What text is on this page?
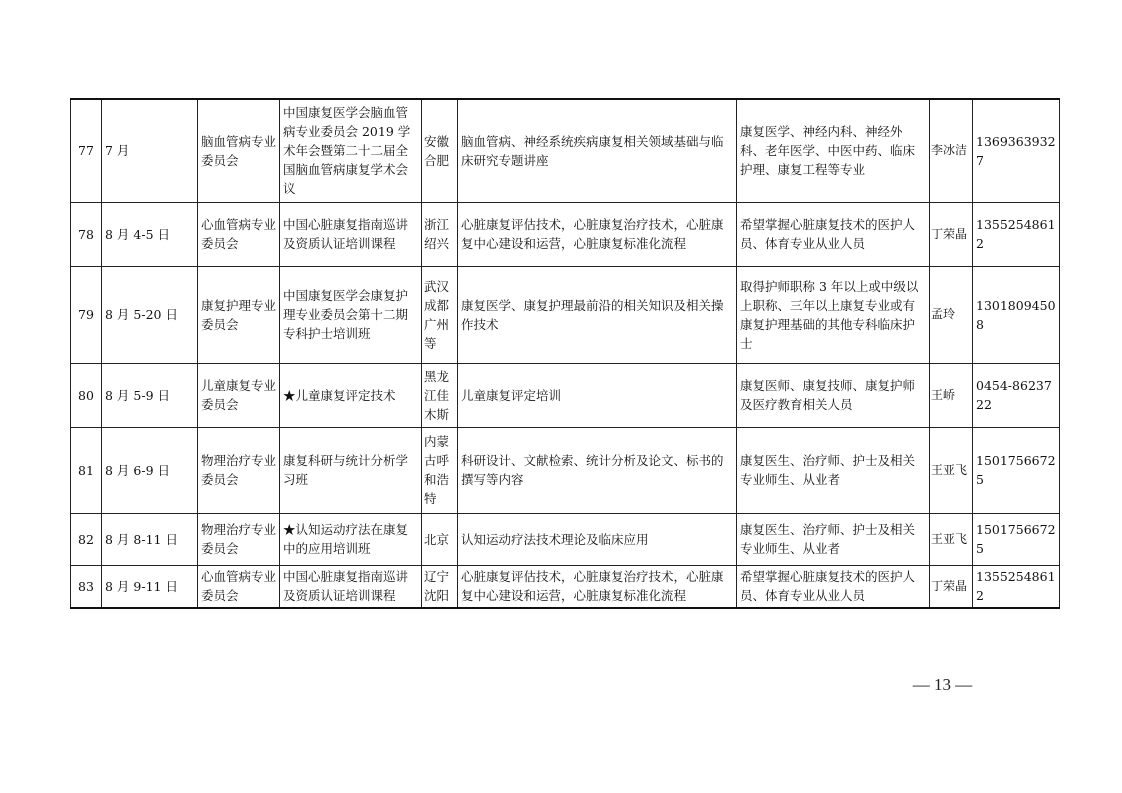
77	7 月	脑血管病专业委员会	中国康复医学会脑血管病专业委员会 2019 学术年会暨第二十二届全国脑血管病康复学术会议	安徽合肥	脑血管病、神经系统疾病康复相关领域基础与临床研究专题讲座	康复医学、神经内科、神经外科、老年医学、中医中药、临床护理、康复工程等专业	李冰洁	13693639327
78	8 月 4-5 日	心血管病专业委员会	中国心脏康复指南巡讲及资质认证培训课程	浙江绍兴	心脏康复评估技术，心脏康复治疗技术，心脏康复中心建设和运营，心脏康复标准化流程	希望掌握心脏康复技术的医护人员、体育专业从业人员	丁荣晶	13552548612
79	8 月 5-20 日	康复护理专业委员会	中国康复医学会康复护理专业委员会第十二期专科护士培训班	武汉成都广州等	康复医学、康复护理最前沿的相关知识及相关操作技术	取得护师职称 3 年以上或中级以上职称、三年以上康复专业或有康复护理基础的其他专科临床护士	孟玲	13018094508
80	8 月 5-9 日	儿童康复专业委员会	★儿童康复评定技术	黑龙江佳木斯	儿童康复评定培训	康复医师、康复技师、康复护师及医疗教育相关人员	王峤	0454-8623722
81	8 月 6-9 日	物理治疗专业委员会	康复科研与统计分析学习班	内蒙古呼和浩特	科研设计、文献检索、统计分析及论文、标书的撰写等内容	康复医生、治疗师、护士及相关专业师生、从业者	王亚飞	15017566725
82	8 月 8-11 日	物理治疗专业委员会	★认知运动疗法在康复中的应用培训班	北京	认知运动疗法技术理论及临床应用	康复医生、治疗师、护士及相关专业师生、从业者	王亚飞	15017566725
83	8 月 9-11 日	心血管病专业委员会	中国心脏康复指南巡讲及资质认证培训课程	辽宁沈阳	心脏康复评估技术，心脏康复治疗技术，心脏康复中心建设和运营，心脏康复标准化流程	希望掌握心脏康复技术的医护人员、体育专业从业人员	丁荣晶	13552548612
— 13 —
